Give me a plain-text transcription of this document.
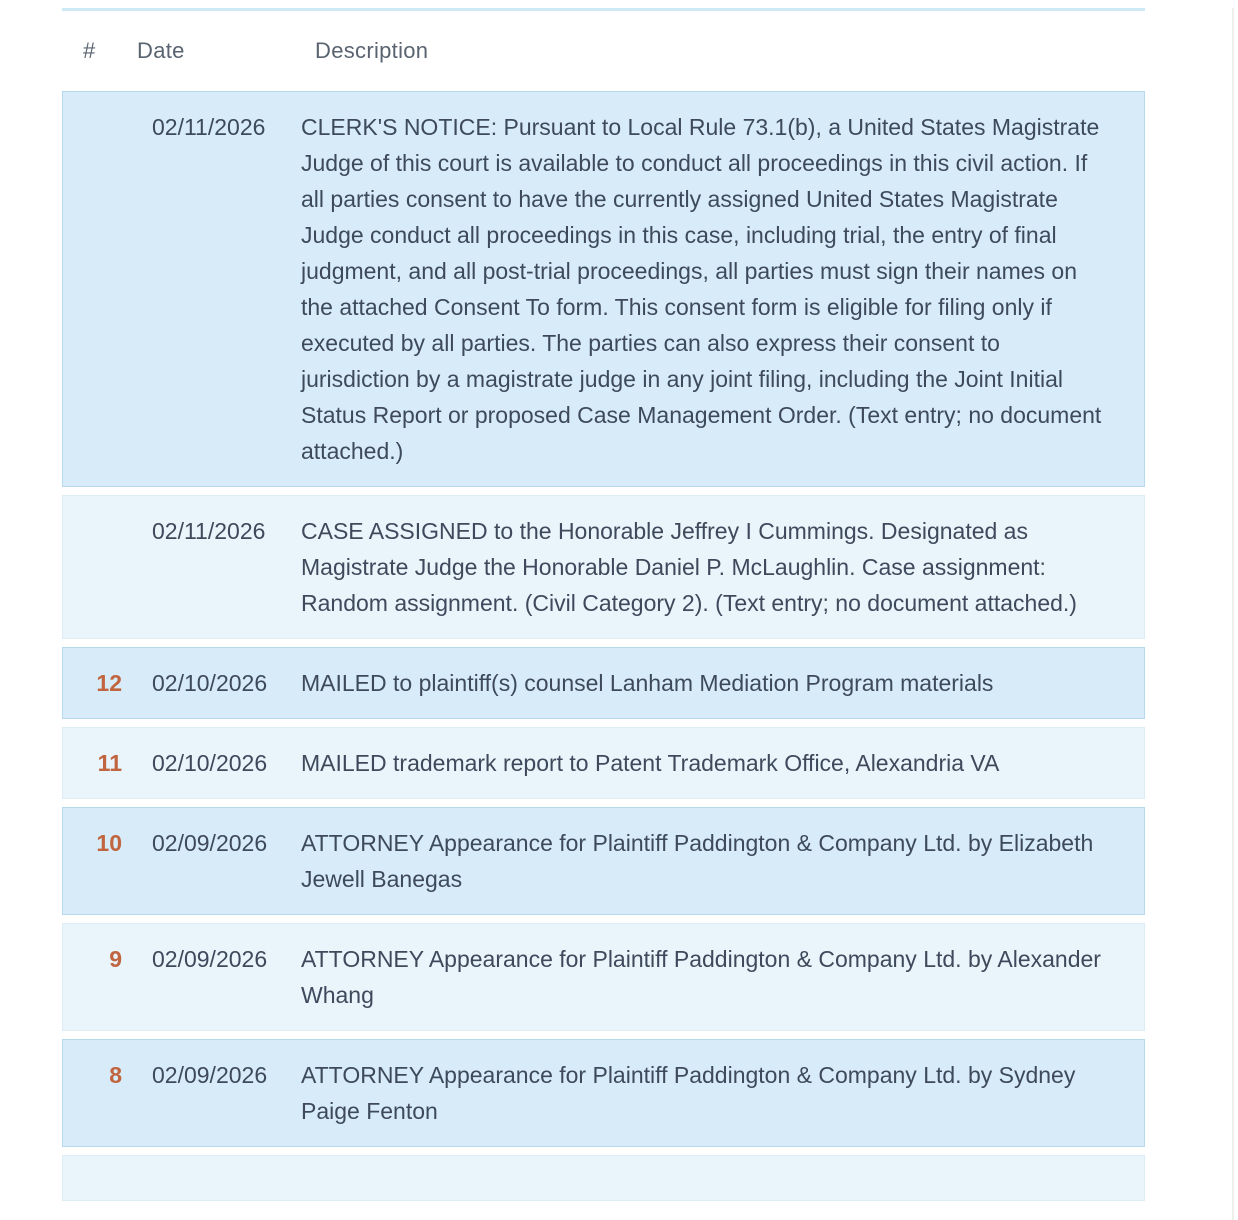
# Date	Description
02/11/2026	CLERK'S NOTICE: Pursuant to Local Rule 73.1(b), a United States Magistrate Judge of this court is available to conduct all proceedings in this civil action. If all parties consent to have the currently assigned United States Magistrate Judge conduct all proceedings in this case, including trial, the entry of final judgment, and all post-trial proceedings, all parties must sign their names on the attached Consent To form. This consent form is eligible for filing only if executed by all parties. The parties can also express their consent to jurisdiction by a magistrate judge in any joint filing, including the Joint Initial Status Report or proposed Case Management Order. (Text entry; no document attached.)
02/11/2026	CASE ASSIGNED to the Honorable Jeffrey I Cummings. Designated as Magistrate Judge the Honorable Daniel P. McLaughlin. Case assignment: Random assignment. (Civil Category 2). (Text entry; no document attached.)
12 02/10/2026	MAILED to plaintiff(s) counsel Lanham Mediation Program materials
11 02/10/2026	MAILED trademark report to Patent Trademark Office, Alexandria VA
10 02/09/2026	ATTORNEY Appearance for Plaintiff Paddington & Company Ltd. by Elizabeth Jewell Banegas
9 02/09/2026	ATTORNEY Appearance for Plaintiff Paddington & Company Ltd. by Alexander Whang
8 02/09/2026	ATTORNEY Appearance for Plaintiff Paddington & Company Ltd. by Sydney Paige Fenton
